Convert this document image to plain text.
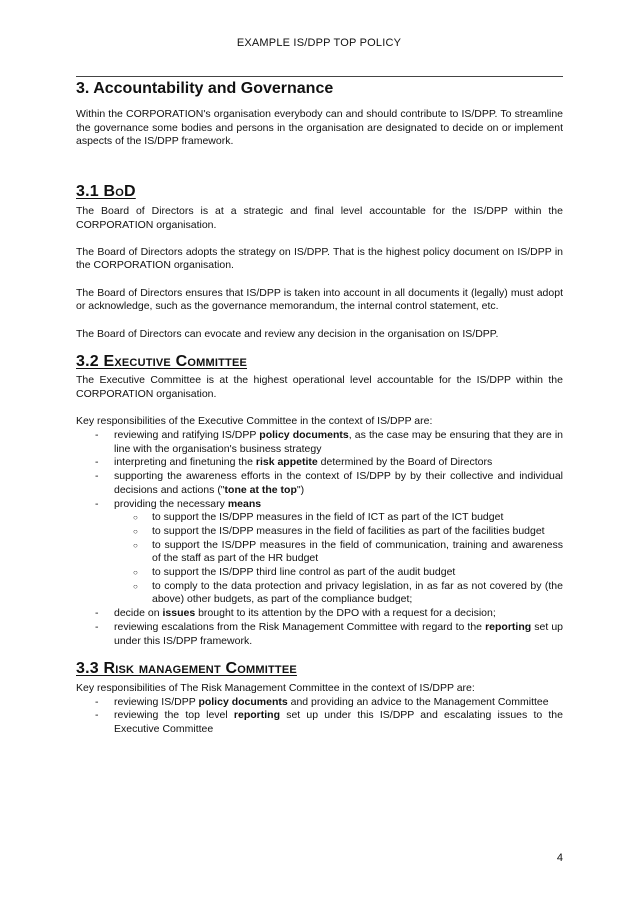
EXAMPLE IS/DPP TOP POLICY
3. Accountability and Governance

Within the CORPORATION's organisation everybody can and should contribute to IS/DPP. To streamline the governance some bodies and persons in the organisation are designated to decide on or implement aspects of the IS/DPP framework.

3.1 BoD

The Board of Directors is at a strategic and final level accountable for the IS/DPP within the CORPORATION organisation.

The Board of Directors adopts the strategy on IS/DPP. That is the highest policy document on IS/DPP in the CORPORATION organisation.

The Board of Directors ensures that IS/DPP is taken into account in all documents it (legally) must adopt or acknowledge, such as the governance memorandum, the internal control statement, etc.

The Board of Directors can evocate and review any decision in the organisation on IS/DPP.

3.2 Executive Committee

The Executive Committee is at the highest operational level accountable for the IS/DPP within the CORPORATION organisation.

Key responsibilities of the Executive Committee in the context of IS/DPP are:
- reviewing and ratifying IS/DPP policy documents, as the case may be ensuring that they are in line with the organisation's business strategy
- interpreting and finetuning the risk appetite determined by the Board of Directors
- supporting the awareness efforts in the context of IS/DPP by by their collective and individual decisions and actions ("tone at the top")
- providing the necessary means
○ to support the IS/DPP measures in the field of ICT as part of the ICT budget
○ to support the IS/DPP measures in the field of facilities as part of the facilities budget
○ to support the IS/DPP measures in the field of communication, training and awareness of the staff as part of the HR budget
○ to support the IS/DPP third line control as part of the audit budget
○ to comply to the data protection and privacy legislation, in as far as not covered by (the above) other budgets, as part of the compliance budget;
- decide on issues brought to its attention by the DPO with a request for a decision;
- reviewing escalations from the Risk Management Committee with regard to the reporting set up under this IS/DPP framework.
3.3 Risk management Committee
Key responsibilities of The Risk Management Committee in the context of IS/DPP are:
- reviewing IS/DPP policy documents and providing an advice to the Management Committee
- reviewing the top level reporting set up under this IS/DPP and escalating issues to the Executive Committee
4
